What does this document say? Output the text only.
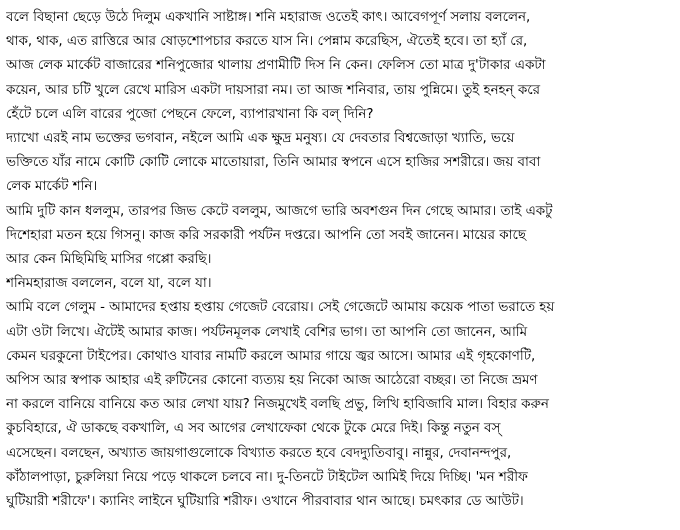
বলে বিছানা ছেড়ে উঠে দিলুম একখানি সাষ্টাঙ্গ। শনি মহারাজ ওতেই কাৎ। আবেগপূর্ণ সলায় বললেন,
থাক, থাক, এত রাত্তিরে আর ষোড়শোপচার করতে যাস নি। পেন্নাম করেছিস, ঐতেই হবে। তা হ্যাঁ রে,
আজ লেক মার্কেট বাজারের শনিপুজোর থালায় প্রণামীটি দিস নি কেন। ফেলিস তো মাত্র দু'টাকার একটা
কয়েন, আর চটি খুলে রেখে মারিস একটা দায়সারা নম। তা আজ শনিবার, তায় পুন্নিমে। তুই হনহন্ করে
হেঁটে চলে এলি বারের পুজো পেছনে ফেলে, ব্যাপারখানা কি বল্ দিনি?
দ্যাখো এরই নাম ভক্তের ভগবান, নইলে আমি এক ক্ষুদ্র মনুষ্য। যে দেবতার বিশ্বজোড়া খ্যাতি, ভয়ে
ভক্তিতে যাঁর নামে কোটি কোটি লোকে মাতোয়ারা, তিনি আমার স্বপনে এসে হাজির সশরীরে। জয় বাবা
লেক মার্কেট শনি।
আমি দুটি কান ধললুম, তারপর জিভ কেটে বললুম, আজগে ভারি অবশগুন দিন গেছে আমার। তাই একটু
দিশেহারা মতন হয়ে গিসনু। কাজ করি সরকারী পর্যটন দপ্তরে। আপনি তো সবই জানেন। মায়ের কাছে
আর কেন মিছিমিছি মাসির গপ্পো করছি।
শনিমহারাজ বললেন, বলে যা, বলে যা।
আমি বলে গেলুম - আমাদের হপ্তায় হপ্তায় গেজেট বেরোয়। সেই গেজেটে আমায় কয়েক পাতা ভরাতে হয়
এটা ওটা লিখে। ঐটেই আমার কাজ। পর্যটনমূলক লেখাই বেশির ভাগ। তা আপনি তো জানেন, আমি
কেমন ঘরকুনো টাইপের। কোথাও যাবার নামটি করলে আমার গায়ে জ্বর আসে। আমার এই গৃহকোণটি,
অপিস আর স্বপাক আহার এই রুটিনের কোনো ব্যত্যয় হয় নিকো আজ আঠেরো বচ্ছর। তা নিজে ভ্রমণ
না করলে বানিয়ে বানিয়ে কত আর লেখা যায়? নিজমুখেই বলছি প্রভু, লিখি হাবিজাবি মাল। বিহার করুন
কুচবিহারে, ঐ ডাকছে বকখালি, এ সব আগের লেখাফেকা থেকে টুকে মেরে দিই। কিন্তু নতুন বস্
এসেছেন। বলছেন, অখ্যাত জায়গাগুলোকে বিখ্যাত করতে হবে বেদদ্যুতিবাবু। নান্নুর, দেবানন্দপুর,
কাঁঠালপাড়া, চুরুলিয়া নিয়ে পড়ে থাকলে চলবে না। দু-তিনটে টাইটেল আমিই দিয়ে দিচ্ছি। 'মন শরীফ
ঘুটিয়ারী শরীফে'। ক্যানিং লাইনে ঘুটিয়ারি শরীফ। ওখানে পীরবাবার থান আছে। চমৎকার ডে আউট।
